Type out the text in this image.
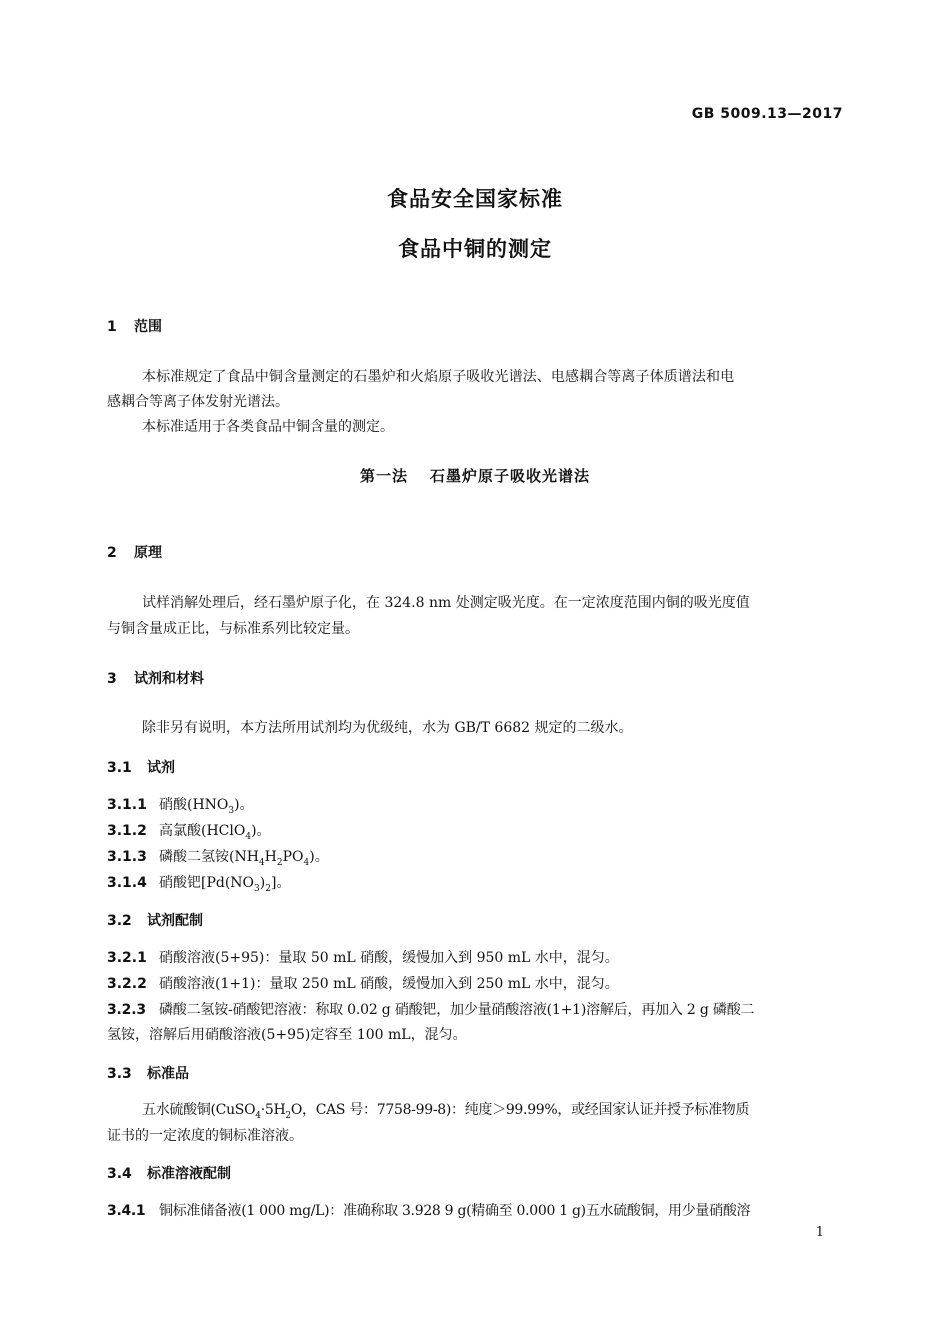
GB 5009.13—2017
食品安全国家标准
食品中铜的测定
1 范围
本标准规定了食品中铜含量测定的石墨炉和火焰原子吸收光谱法、电感耦合等离子体质谱法和电
感耦合等离子体发射光谱法。
本标准适用于各类食品中铜含量的测定。
第一法 石墨炉原子吸收光谱法
2 原理
试样消解处理后，经石墨炉原子化，在 324.8 nm 处测定吸光度。在一定浓度范围内铜的吸光度值
与铜含量成正比，与标准系列比较定量。
3 试剂和材料
除非另有说明，本方法所用试剂均为优级纯，水为 GB/T 6682 规定的二级水。
3.1 试剂
3.1.1 硝酸$(HNO_3)$。
3.1.2 高氯酸(HClO$_4$)。
3.1.3 磷酸二氢铵$(NH_4H_2PO_4)$。
3.1.4 硝酸钯$[Pd(NO_3)_2]$。
3.2 试剂配制
3.2.1 硝酸溶液(5+95)：量取 50 mL 硝酸，缓慢加入到 950 mL 水中，混匀。
3.2.2 硝酸溶液(1+1)：量取 250 mL 硝酸，缓慢加入到 250 mL 水中，混匀。
3.2.3 磷酸二氢铵-硝酸钯溶液：称取 0.02 g 硝酸钯，加少量硝酸溶液(1+1)溶解后，再加入 2 g 磷酸二
氢铵，溶解后用硝酸溶液(5+95)定容至 100 mL，混匀。
3.3 标准品
五水硫酸铜($CuSO_4\cdot 5H_2O$，CAS 号：7758-99-8)：纯度＞99.99%，或经国家认证并授予标准物质
证书的一定浓度的铜标准溶液。
3.4 标准溶液配制
3.4.1 铜标准储备液(1 000 mg/L)：准确称取 3.928 9 g(精确至 0.000 1 g)五水硫酸铜，用少量硝酸溶
1
